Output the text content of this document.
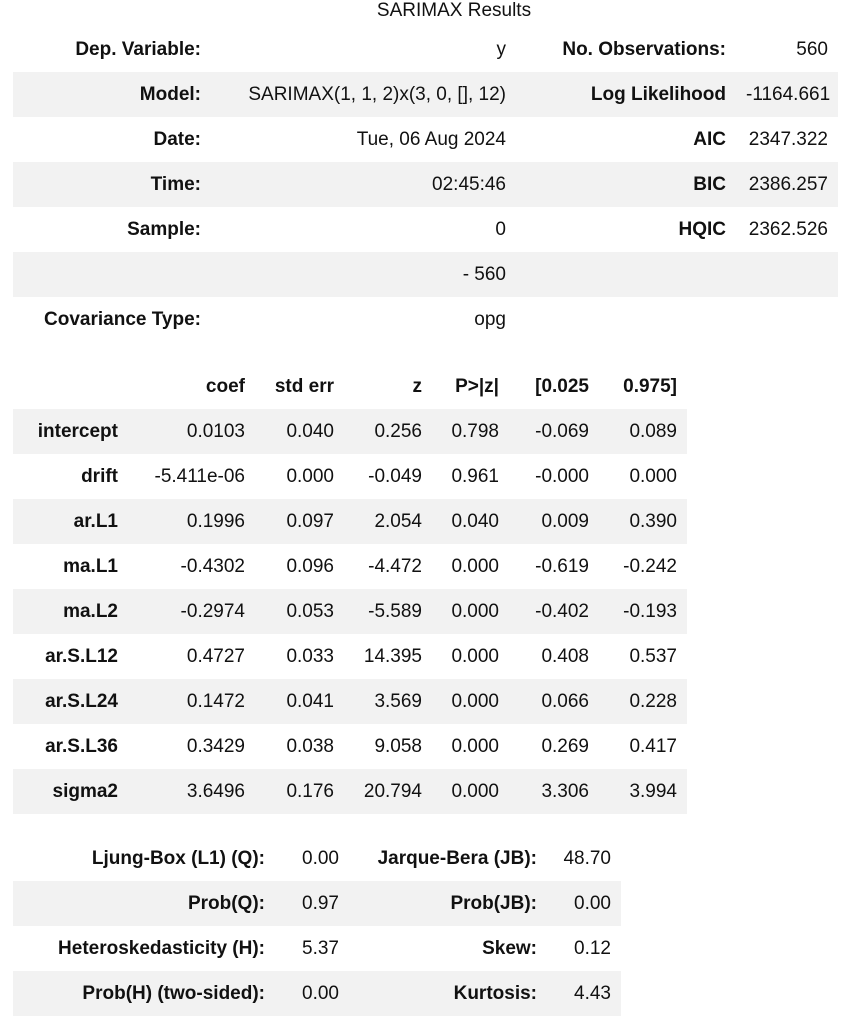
SARIMAX Results
Dep. Variable:	y	No. Observations:	560
Model:	SARIMAX(1, 1, 2)x(3, 0, [], 12)	Log Likelihood	-1164.661
Date:	Tue, 06 Aug 2024	AIC	2347.322
Time:	02:45:46	BIC	2386.257
Sample:	0	HQIC	2362.526
	- 560		
Covariance Type:	opg		
	coef	std err	z	P>|z|	[0.025	0.975]
intercept	0.0103	0.040	0.256	0.798	-0.069	0.089
drift	-5.411e-06	0.000	-0.049	0.961	-0.000	0.000
ar.L1	0.1996	0.097	2.054	0.040	0.009	0.390
ma.L1	-0.4302	0.096	-4.472	0.000	-0.619	-0.242
ma.L2	-0.2974	0.053	-5.589	0.000	-0.402	-0.193
ar.S.L12	0.4727	0.033	14.395	0.000	0.408	0.537
ar.S.L24	0.1472	0.041	3.569	0.000	0.066	0.228
ar.S.L36	0.3429	0.038	9.058	0.000	0.269	0.417
sigma2	3.6496	0.176	20.794	0.000	3.306	3.994
Ljung-Box (L1) (Q):	0.00	Jarque-Bera (JB):	48.70
Prob(Q):	0.97	Prob(JB):	0.00
Heteroskedasticity (H):	5.37	Skew:	0.12
Prob(H) (two-sided):	0.00	Kurtosis:	4.43
